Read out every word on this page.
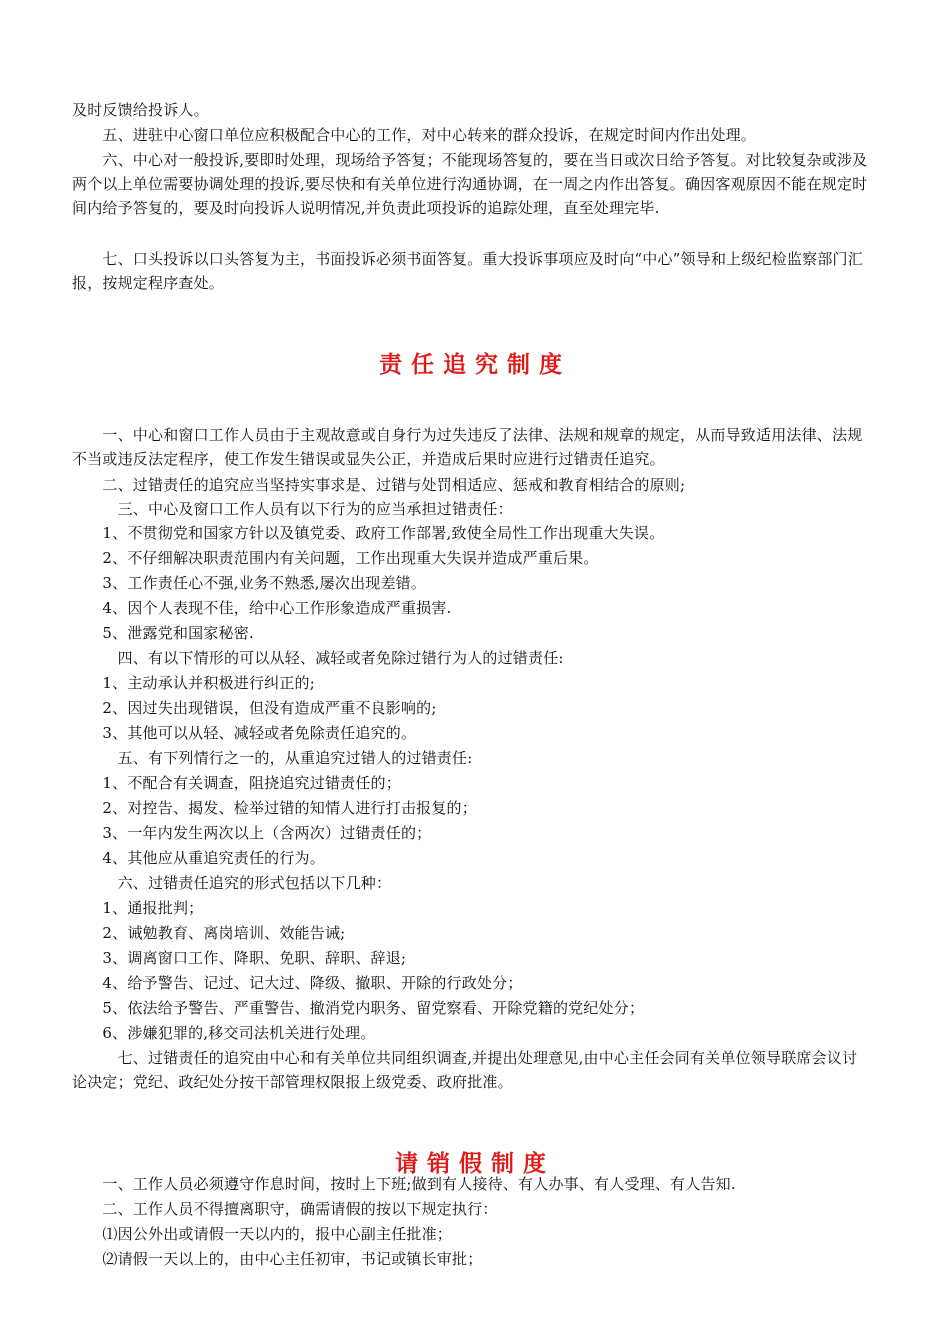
及时反馈给投诉人。

　　五、进驻中心窗口单位应积极配合中心的工作，对中心转来的群众投诉，在规定时间内作出处理。

　　六、中心对一般投诉,要即时处理，现场给予答复；不能现场答复的，要在当日或次日给予答复。对比较复杂或涉及两个以上单位需要协调处理的投诉,要尽快和有关单位进行沟通协调，在一周之内作出答复。确因客观原因不能在规定时间内给予答复的，要及时向投诉人说明情况,并负责此项投诉的追踪处理，直至处理完毕.

　　七、口头投诉以口头答复为主，书面投诉必须书面答复。重大投诉事项应及时向“中心”领导和上级纪检监察部门汇报，按规定程序查处。

责任追究制度

　　一、中心和窗口工作人员由于主观故意或自身行为过失违反了法律、法规和规章的规定，从而导致适用法律、法规不当或违反法定程序，使工作发生错误或显失公正，并造成后果时应进行过错责任追究。

　　二、过错责任的追究应当坚持实事求是、过错与处罚相适应、惩戒和教育相结合的原则;

　　　三、中心及窗口工作人员有以下行为的应当承担过错责任：

　　1、不贯彻党和国家方针以及镇党委、政府工作部署,致使全局性工作出现重大失误。

　　2、不仔细解决职责范围内有关问题，工作出现重大失误并造成严重后果。

　　3、工作责任心不强,业务不熟悉,屡次出现差错。

　　4、因个人表现不佳，给中心工作形象造成严重损害.

　　5、泄露党和国家秘密.

　　　四、有以下情形的可以从轻、减轻或者免除过错行为人的过错责任:

　　1、主动承认并积极进行纠正的;

　　2、因过失出现错误，但没有造成严重不良影响的;

　　3、其他可以从轻、减轻或者免除责任追究的。

　　　五、有下列情行之一的，从重追究过错人的过错责任:

　　1、不配合有关调查，阻挠追究过错责任的；

　　2、对控告、揭发、检举过错的知情人进行打击报复的；

　　3、一年内发生两次以上（含两次）过错责任的；

　　4、其他应从重追究责任的行为。

　　　六、过错责任追究的形式包括以下几种：

　　1、通报批判；

　　2、诫勉教育、离岗培训、效能告诫;

　　3、调离窗口工作、降职、免职、辞职、辞退;

　　4、给予警告、记过、记大过、降级、撤职、开除的行政处分；

　　5、依法给予警告、严重警告、撤消党内职务、留党察看、开除党籍的党纪处分；

　　6、涉嫌犯罪的,移交司法机关进行处理。

　　　七、过错责任的追究由中心和有关单位共同组织调查,并提出处理意见,由中心主任会同有关单位领导联席会议讨论决定；党纪、政纪处分按干部管理权限报上级党委、政府批准。

请销假制度

　　一、工作人员必须遵守作息时间，按时上下班;做到有人接待、有人办事、有人受理、有人告知.

　　二、工作人员不得擅离职守，确需请假的按以下规定执行：

　　⑴因公外出或请假一天以内的，报中心副主任批准；

　　⑵请假一天以上的，由中心主任初审，书记或镇长审批；
